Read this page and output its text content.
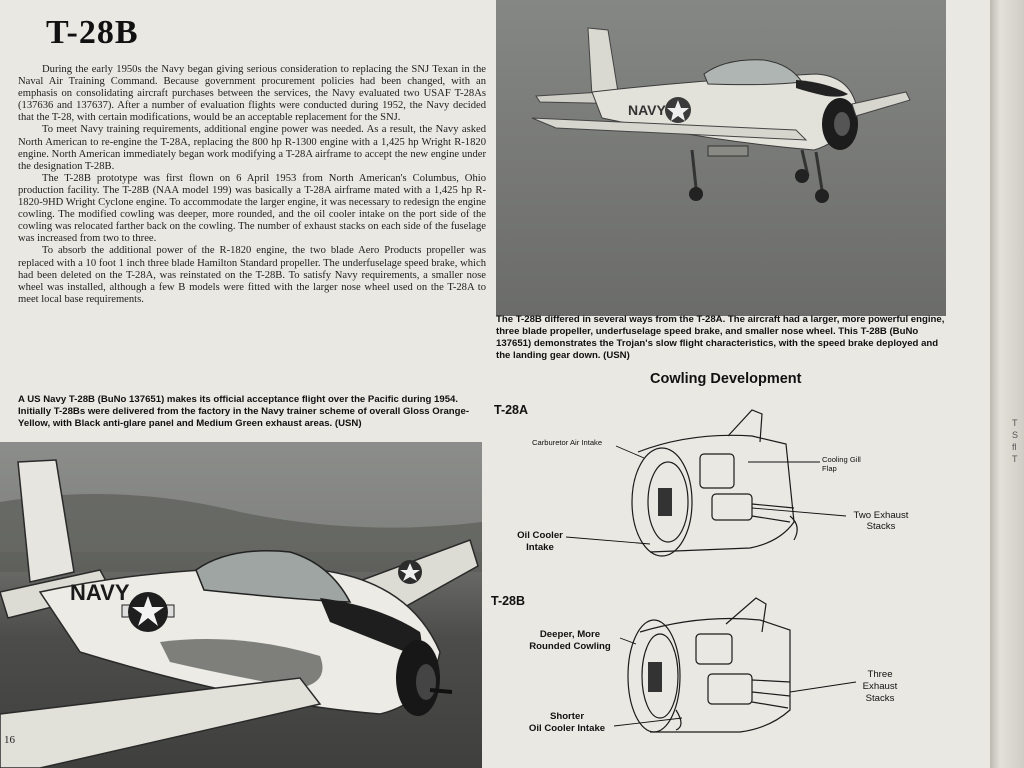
T
S
fl
T
T-28B

During the early 1950s the Navy began giving serious consideration to replacing the SNJ Texan in the Naval Air Training Command. Because government procurement policies had been changed, with an emphasis on consolidating aircraft purchases between the services, the Navy evaluated two USAF T-28As (137636 and 137637). After a number of evaluation flights were conducted during 1952, the Navy decided that the T-28, with certain modifications, would be an acceptable replacement for the SNJ.

To meet Navy training requirements, additional engine power was needed. As a result, the Navy asked North American to re-engine the T-28A, replacing the 800 hp R-1300 engine with a 1,425 hp Wright R-1820 engine. North American immediately began work modifying a T-28A airframe to accept the new engine under the designation T-28B.

The T-28B prototype was first flown on 6 April 1953 from North American's Columbus, Ohio production facility. The T-28B (NAA model 199) was basically a T-28A airframe mated with a 1,425 hp R-1820-9HD Wright Cyclone engine. To accommodate the larger engine, it was necessary to redesign the engine cowling. The modified cowling was deeper, more rounded, and the oil cooler intake on the port side of the cowling was relocated farther back on the cowling. The number of exhaust stacks on each side of the fuselage was increased from two to three.

To absorb the additional power of the R-1820 engine, the two blade Aero Products propeller was replaced with a 10 foot 1 inch three blade Hamilton Standard propeller. The underfuselage speed brake, which had been deleted on the T-28A, was reinstated on the T-28B. To satisfy Navy requirements, a smaller nose wheel was installed, although a few B models were fitted with the larger nose wheel used on the T-28A to meet local base requirements.

NAVY
The T-28B differed in several ways from the T-28A. The aircraft had a larger, more powerful engine, three blade propeller, underfuselage speed brake, and smaller nose wheel. This T-28B (BuNo 137651) demonstrates the Trojan's slow flight characteristics, with the speed brake deployed and the landing gear down. (USN)
A US Navy T-28B (BuNo 137651) makes its official acceptance flight over the Pacific during 1954. Initially T-28Bs were delivered from the factory in the Navy trainer scheme of overall Gloss Orange-Yellow, with Black anti-glare panel and Medium Green exhaust areas. (USN)
NAVY
Cowling Development
T-28A
T-28B
Carburetor Air Intake
Cooling Gill
Flap
Two Exhaust
Stacks
Oil Cooler
Intake
Deeper, More
Rounded Cowling
Three
Exhaust
Stacks
Shorter
Oil Cooler Intake
16
